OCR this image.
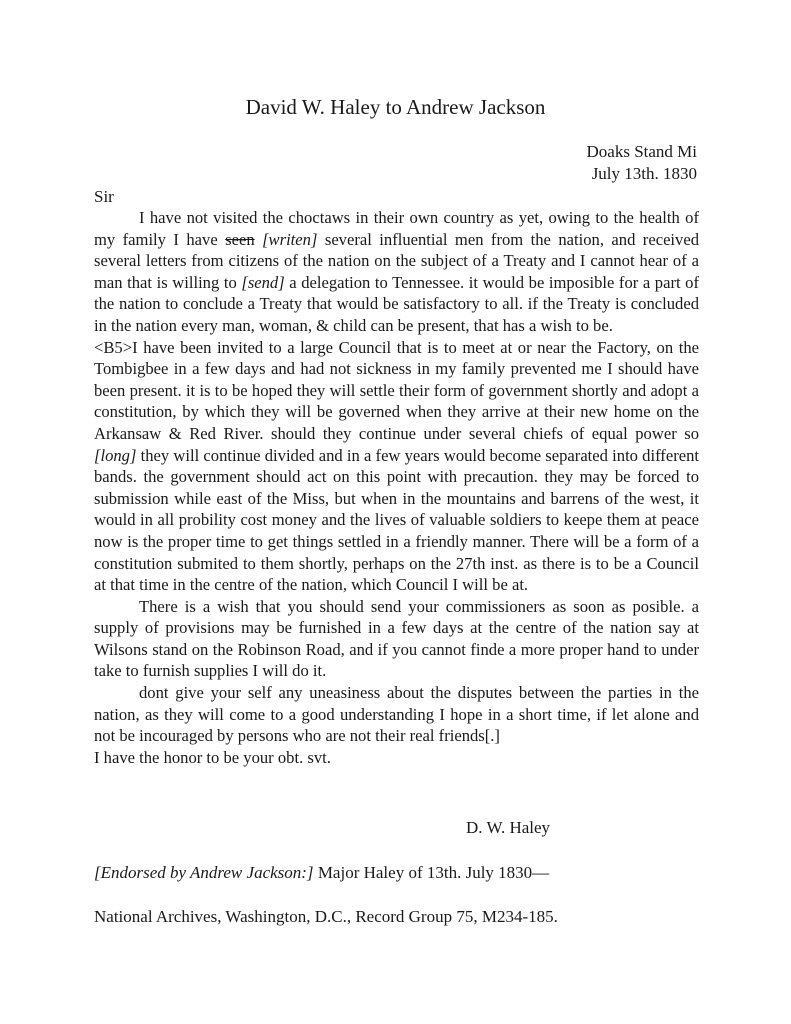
David W. Haley to Andrew Jackson
Doaks Stand Mi
July 13th. 1830
Sir

I have not visited the choctaws in their own country as yet, owing to the health of my family I have seen [writen] several influential men from the nation, and received several letters from citizens of the nation on the subject of a Treaty and I cannot hear of a man that is willing to [send] a delegation to Tennessee. it would be imposible for a part of the nation to conclude a Treaty that would be satisfactory to all. if the Treaty is concluded in the nation every man, woman, & child can be present, that has a wish to be.

<B5>I have been invited to a large Council that is to meet at or near the Factory, on the Tombigbee in a few days and had not sickness in my family prevented me I should have been present. it is to be hoped they will settle their form of government shortly and adopt a constitution, by which they will be governed when they arrive at their new home on the Arkansaw & Red River. should they continue under several chiefs of equal power so [long] they will continue divided and in a few years would become separated into different bands. the government should act on this point with precaution. they may be forced to submission while east of the Miss, but when in the mountains and barrens of the west, it would in all probility cost money and the lives of valuable soldiers to keepe them at peace now is the proper time to get things settled in a friendly manner. There will be a form of a constitution submited to them shortly, perhaps on the 27th inst. as there is to be a Council at that time in the centre of the nation, which Council I will be at.

There is a wish that you should send your commissioners as soon as posible. a supply of provisions may be furnished in a few days at the centre of the nation say at Wilsons stand on the Robinson Road, and if you cannot finde a more proper hand to under take to furnish supplies I will do it.

dont give your self any uneasiness about the disputes between the parties in the nation, as they will come to a good understanding I hope in a short time, if let alone and not be incouraged by persons who are not their real friends[.]

I have the honor to be your obt. svt.

D. W. Haley
[Endorsed by Andrew Jackson:] Major Haley of 13th. July 1830—
National Archives, Washington, D.C., Record Group 75, M234-185.
